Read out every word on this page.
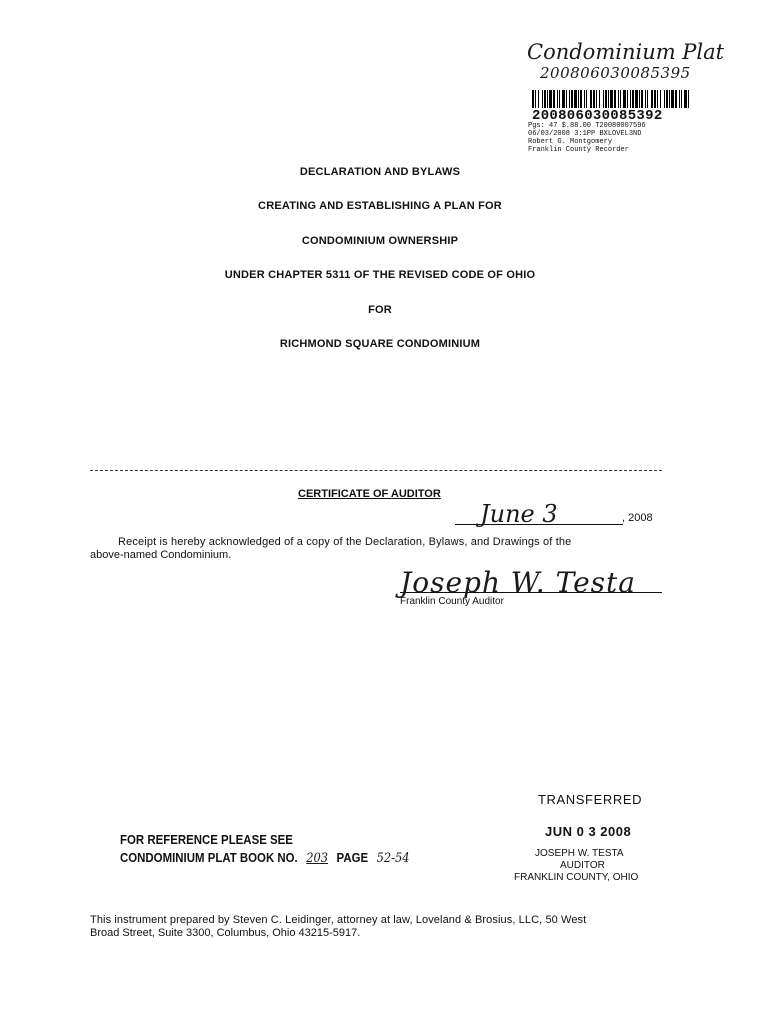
Condominium Plat
200806030085395
200806030085392
Pgs: 47 $.88.00 T20080007596
06/03/2008 3:1PP BXLOVEL3ND
Robert G. Montgomery
Franklin County Recorder
DECLARATION AND BYLAWS
CREATING AND ESTABLISHING A PLAN FOR
CONDOMINIUM OWNERSHIP
UNDER CHAPTER 5311 OF THE REVISED CODE OF OHIO
FOR
RICHMOND SQUARE CONDOMINIUM
CERTIFICATE OF AUDITOR
June 3	, 2008
Receipt is hereby acknowledged of a copy of the Declaration, Bylaws, and Drawings of the
above-named Condominium.
Joseph W. Testa
Franklin County Auditor
TRANSFERRED
JUN 0 3 2008
JOSEPH W. TESTA
AUDITOR
FRANKLIN COUNTY, OHIO
FOR REFERENCE PLEASE SEE
CONDOMINIUM PLAT BOOK NO. 203 PAGE 52-54
This instrument prepared by Steven C. Leidinger, attorney at law, Loveland & Brosius, LLC, 50 West
Broad Street, Suite 3300, Columbus, Ohio 43215-5917.
